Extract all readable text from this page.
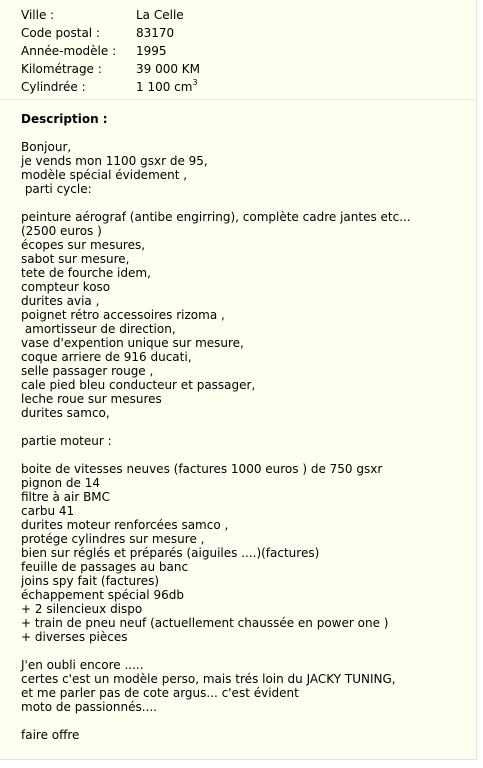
Ville :	La Celle
Code postal :	83170
Année-modèle :	1995
Kilométrage :	39 000 KM
Cylindrée :	1 100 $cm^3$
Description :
Bonjour,
je vends mon 1100 gsxr de 95,
modèle spécial évidement ,
parti cycle:
peinture aérograf (antibe engirring), complète cadre jantes etc...
(2500 euros )
écopes sur mesures,
sabot sur mesure,
tete de fourche idem,
compteur koso
durites avia ,
poignet rétro accessoires rizoma ,
amortisseur de direction,
vase d'expention unique sur mesure,
coque arriere de 916 ducati,
selle passager rouge ,
cale pied bleu conducteur et passager,
leche roue sur mesures
durites samco,
partie moteur :
boite de vitesses neuves (factures 1000 euros ) de 750 gsxr
pignon de 14
filtre à air BMC
carbu 41
durites moteur renforcées samco ,
protége cylindres sur mesure ,
bien sur réglés et préparés (aiguiles ....)(factures)
feuille de passages au banc
joins spy fait (factures)
échappement spécial 96db
+ 2 silencieux dispo
+ train de pneu neuf (actuellement chaussée en power one )
+ diverses pièces
J'en oubli encore .....
certes c'est un modèle perso, mais trés loin du JACKY TUNING,
et me parler pas de cote argus... c'est évident
moto de passionnés....
faire offre
